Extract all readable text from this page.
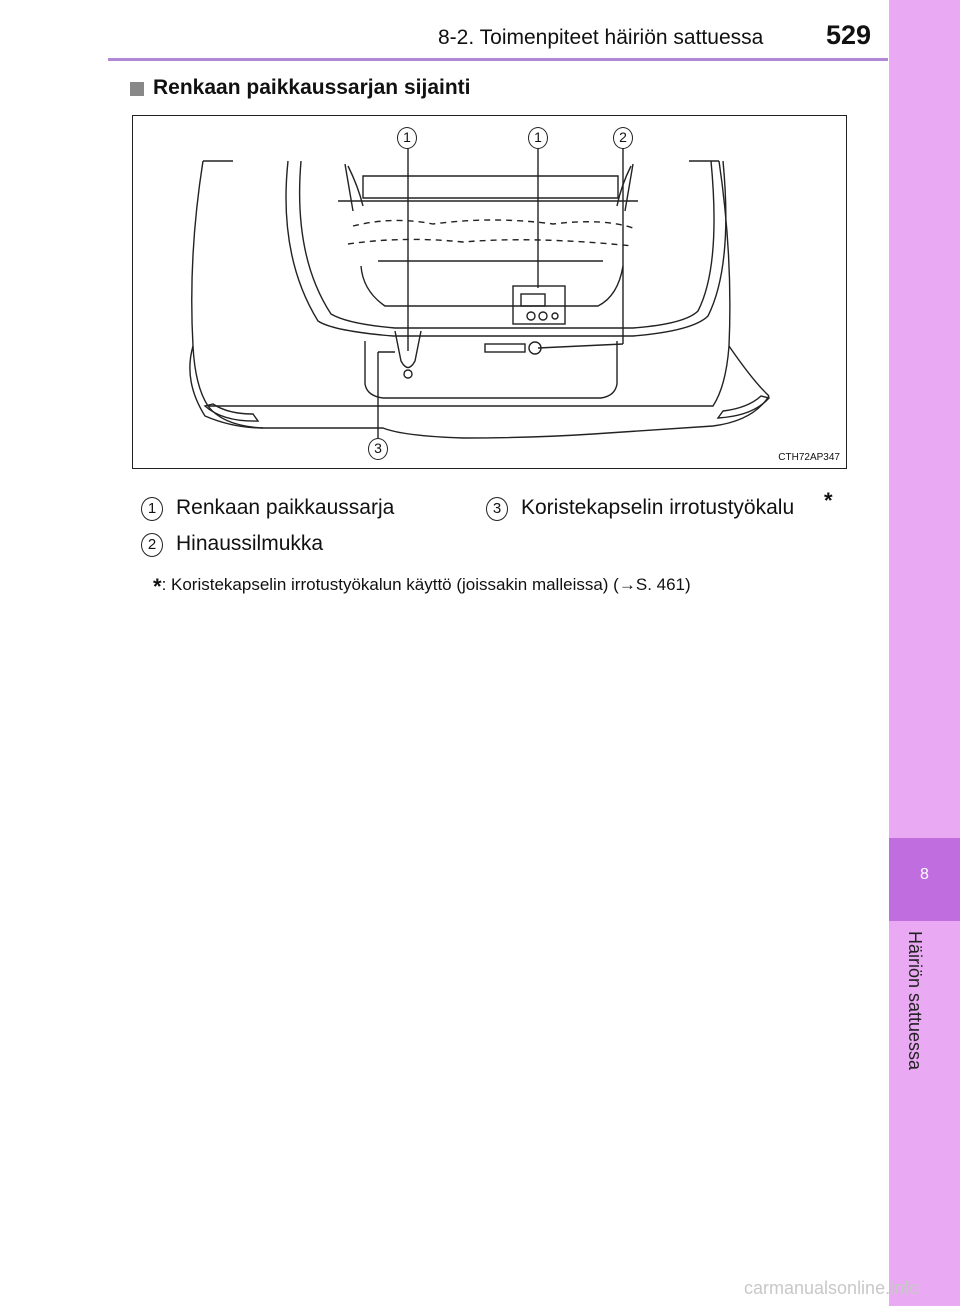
8-2. Toimenpiteet häiriön sattuessa 529
8
Häiriön sattuessa
Renkaan paikkaussarjan sijainti
1	1	2
3
CTH72AP347
1 Renkaan paikkaussarja
2 Hinaussilmukka
3 Koristekapselin irrotustyökalu *
*: Koristekapselin irrotustyökalun käyttö (joissakin malleissa) (→S. 461)
carmanualsonline.info
